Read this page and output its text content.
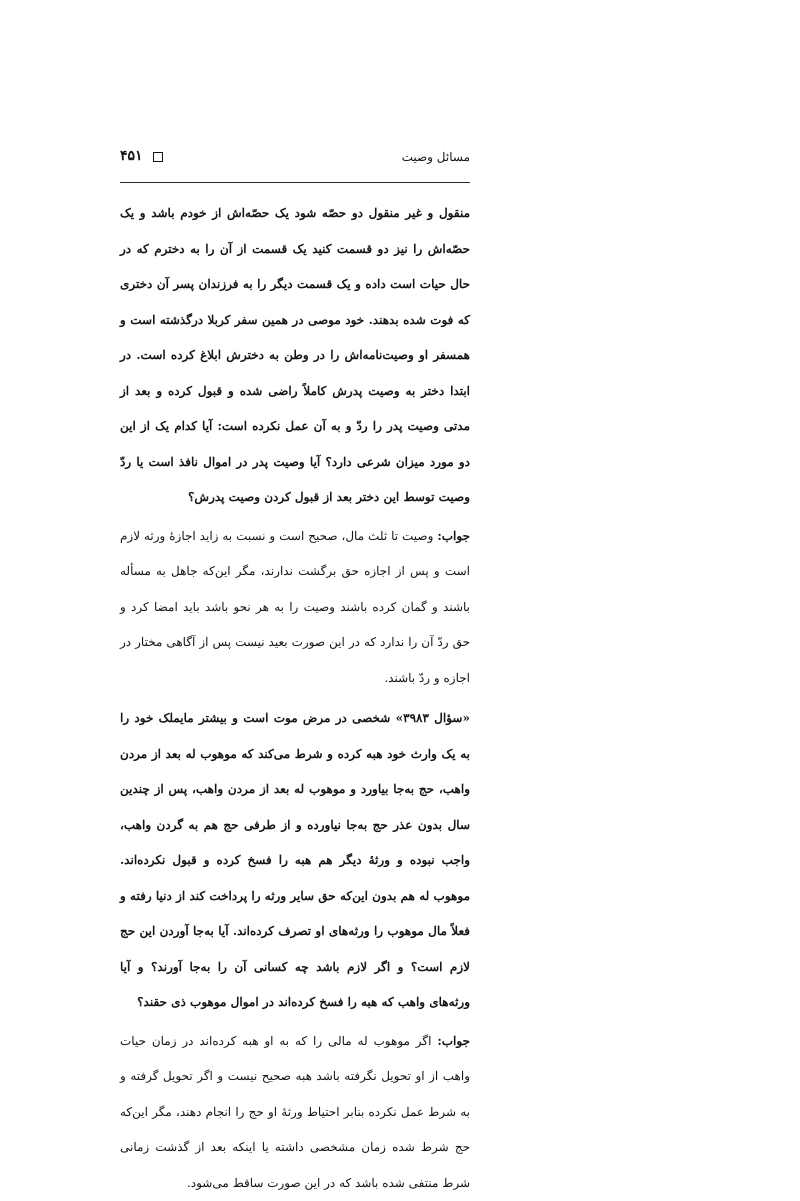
۴۵۱	مسائل وصیت

منقول و غیر منقول دو حصّه شود یک حصّه‌اش از خودم باشد و یک حصّه‌اش را نیز دو قسمت کنید یک قسمت از آن را به دخترم که در حال حیات است داده و یک قسمت دیگر را به فرزندان پسر آن دختری که فوت شده بدهند. خود موصی در همین سفر کربلا درگذشته است و همسفر او وصیت‌نامه‌اش را در وطن به دخترش ابلاغ کرده است. در ابتدا دختر به وصیت پدرش کاملاً راضی شده و قبول کرده و بعد از مدتی وصیت پدر را ردّ و به آن عمل نکرده است: آیا کدام یک از این دو مورد میزان شرعی دارد؟ آیا وصیت پدر در اموال نافذ است یا ردّ وصیت توسط این دختر بعد از قبول کردن وصیت پدرش؟

جواب: وصیت تا ثلث مال، صحیح است و نسبت به زاید اجازهٔ ورثه لازم است و پس از اجازه حق برگشت ندارند، مگر این‌که جاهل به مسأله باشند و گمان کرده باشند وصیت را به هر نحو باشد باید امضا کرد و حق ردّ آن را ندارد که در این صورت بعید نیست پس از آگاهی مختار در اجازه و ردّ باشند.

«سؤال ۳۹۸۳» شخصی در مرض موت است و بیشتر مایملک خود را به یک وارث خود هبه کرده و شرط می‌کند که موهوب له بعد از مردن واهب، حج به‌جا بیاورد و موهوب له بعد از مردن واهب، پس از چندین سال بدون عذر حج به‌جا نیاورده و از طرفی حج هم به گردن واهب، واجب نبوده و ورثهٔ دیگر هم هبه را فسخ کرده و قبول نکرده‌اند. موهوب له هم بدون این‌که حق سایر ورثه را پرداخت کند از دنیا رفته و فعلاً مال موهوب را ورثه‌های او تصرف کرده‌اند. آیا به‌جا آوردن این حج لازم است؟ و اگر لازم باشد چه کسانی آن را به‌جا آورند؟ و آیا ورثه‌های واهب که هبه را فسخ کرده‌اند در اموال موهوب ذی حقند؟

جواب: اگر موهوب له مالی را که به او هبه کرده‌اند در زمان حیات واهب از او تحویل نگرفته باشد هبه صحیح نیست و اگر تحویل گرفته و به شرط عمل نکرده بنابر احتیاط ورثهٔ او حج را انجام دهند، مگر این‌که حج شرط شده زمان مشخصی داشته یا اینکه بعد از گذشت زمانی شرط منتفی شده باشد که در این صورت ساقط می‌شود.
